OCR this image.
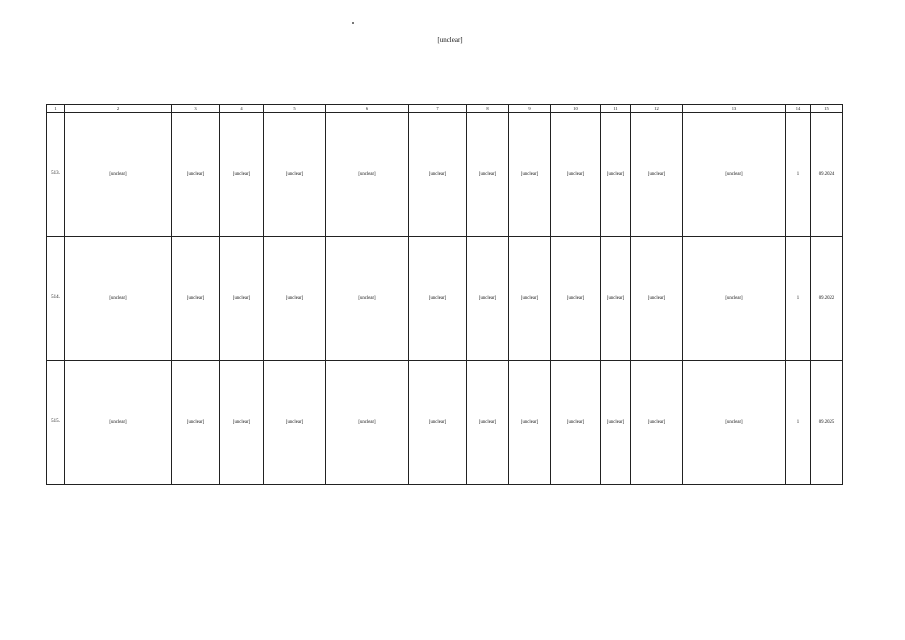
[unclear]
1	2	3	4	5	6	7	8	9	10	11	12	13	14	15
513.	[unclear]	[unclear]	[unclear]	[unclear]	[unclear]	[unclear]	[unclear]	[unclear]	[unclear]	[unclear]	[unclear]	[unclear]	1	09.2024
514.	[unclear]	[unclear]	[unclear]	[unclear]	[unclear]	[unclear]	[unclear]	[unclear]	[unclear]	[unclear]	[unclear]	[unclear]	1	09.2022
515.	[unclear]	[unclear]	[unclear]	[unclear]	[unclear]	[unclear]	[unclear]	[unclear]	[unclear]	[unclear]	[unclear]	[unclear]	1	09.2025
